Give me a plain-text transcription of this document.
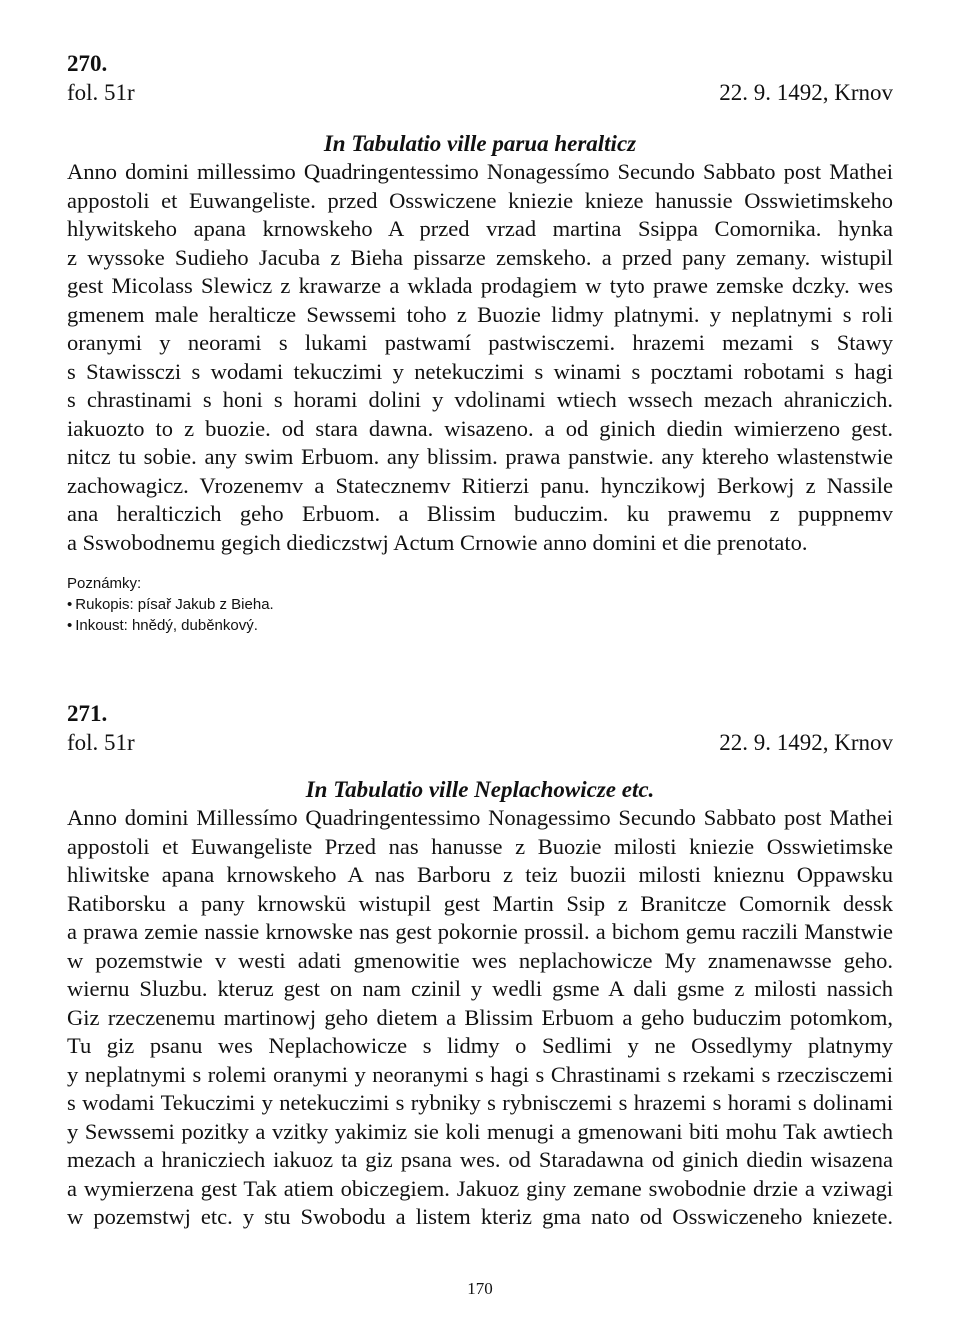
270.
fol. 51r	22. 9. 1492, Krnov
In Tabulatio ville parua heralticz
Anno domini millessimo Quadringentessimo Nonagessímo Secundo Sabbato post Mathei
appostoli et Euwangeliste. przed Osswiczene kniezie knieze hanussie Osswietimskeho
hlywitskeho apana krnowskeho A przed vrzad martina Ssippa Comornika. hynka
z wyssoke Sudieho Jacuba z Bieha pissarze zemskeho. a przed pany zemany. wistupil
gest Micolass Slewicz z krawarze a wklada prodagiem w tyto prawe zemske dczky. wes
gmenem male heralticze Sewssemi toho z Buozie lidmy platnymi. y neplatnymi s roli
oranymi y neorami s lukami pastwamí pastwisczemi. hrazemi mezami s Stawy
s Stawissczi s wodami tekuczimi y netekuczimi s winami s pocztami robotami s hagi
s chrastinami s honi s horami dolini y vdolinami wtiech wssech mezach ahraniczich.
iakuozto to z buozie. od stara dawna. wisazeno. a od ginich diedin wimierzeno gest.
nitcz tu sobie. any swim Erbuom. any blissim. prawa panstwie. any ktereho wlastenstwie
zachowagicz. Vrozenemv a Statecznemv Ritierzi panu. hynczikowj Berkowj z Nassile
ana heralticzich geho Erbuom. a Blissim buduczim. ku prawemu z puppnemv
a Sswobodnemu gegich diediczstwj Actum Crnowie anno domini et die prenotato.
Poznámky:
• Rukopis: písař Jakub z Bieha.
• Inkoust: hnědý, duběnkový.
271.
fol. 51r	22. 9. 1492, Krnov
In Tabulatio ville Neplachowicze etc.
Anno domini Millessímo Quadringentessimo Nonagessimo Secundo Sabbato post Mathei
appostoli et Euwangeliste Przed nas hanusse z Buozie milosti kniezie Osswietimske
hliwitske apana krnowskeho A nas Barboru z teiz buozii milosti knieznu Oppawsku
Ratiborsku a pany krnowskü wistupil gest Martin Ssip z Branitcze Comornik dessk
a prawa zemie nassie krnowske nas gest pokornie prossil. a bichom gemu raczili Manstwie
w pozemstwie v westi adati gmenowitie wes neplachowicze My znamenawsse geho.
wiernu Sluzbu. kteruz gest on nam czinil y wedli gsme A dali gsme z milosti nassich
Giz rzeczenemu martinowj geho dietem a Blissim Erbuom a geho buduczim potomkom,
Tu giz psanu wes Neplachowicze s lidmy o Sedlimi y ne Ossedlymy platnymy
y neplatnymi s rolemi oranymi y neoranymi s hagi s Chrastinami s rzekami s rzeczisczemi
s wodami Tekuczimi y netekuczimi s rybniky s rybnisczemi s hrazemi s horami s dolinami
y Sewssemi pozitky a vzitky yakimiz sie koli menugi a gmenowani biti mohu Tak awtiech
mezach a hranicziech iakuoz ta giz psana wes. od Staradawna od ginich diedin wisazena
a wymierzena gest Tak atiem obiczegiem. Jakuoz giny zemane swobodnie drzie a vziwagi
w pozemstwj etc. y stu Swobodu a listem kteriz gma nato od Osswiczeneho kniezete.
170
